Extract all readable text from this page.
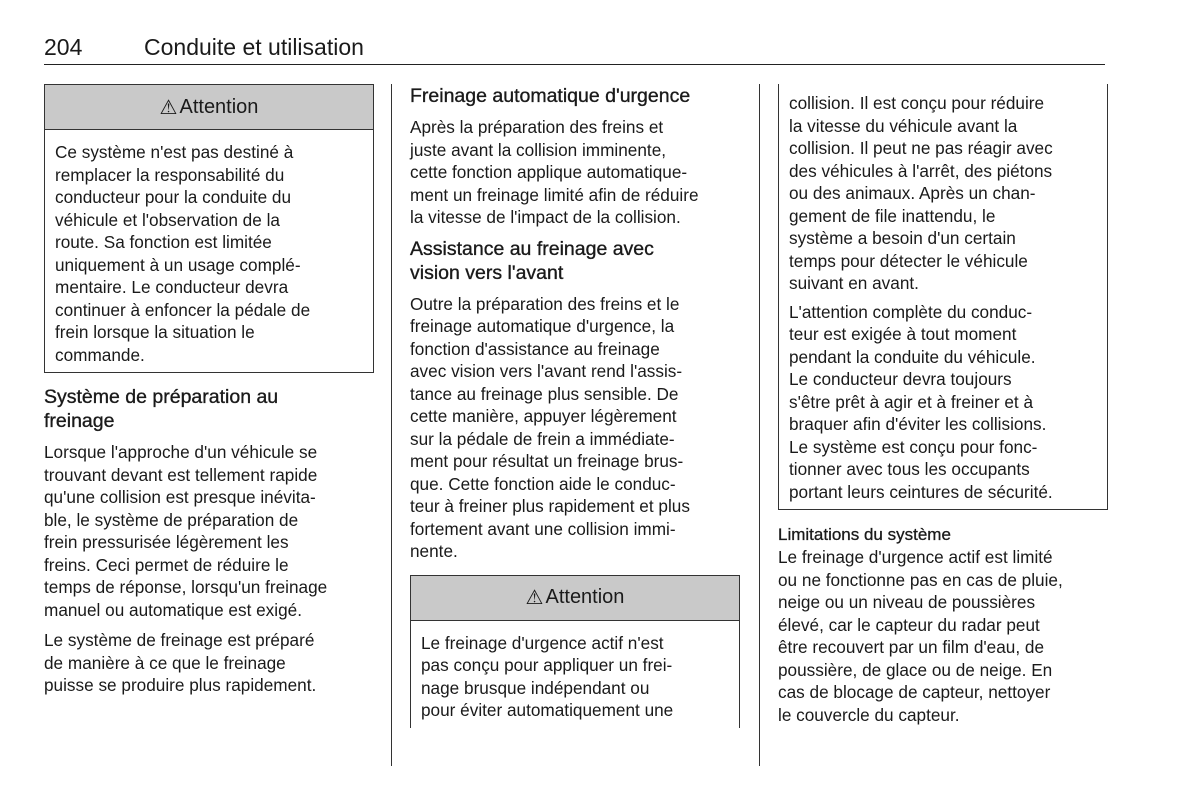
204	Conduite et utilisation
⚠ Attention

Ce système n'est pas destiné à
remplacer la responsabilité du
conducteur pour la conduite du
véhicule et l'observation de la
route. Sa fonction est limitée
uniquement à un usage complé-
mentaire. Le conducteur devra
continuer à enfoncer la pédale de
frein lorsque la situation le
commande.

Système de préparation au
freinage

Lorsque l'approche d'un véhicule se
trouvant devant est tellement rapide
qu'une collision est presque inévita-
ble, le système de préparation de
frein pressurisée légèrement les
freins. Ceci permet de réduire le
temps de réponse, lorsqu'un freinage
manuel ou automatique est exigé.

Le système de freinage est préparé
de manière à ce que le freinage
puisse se produire plus rapidement.

Freinage automatique d'urgence

Après la préparation des freins et
juste avant la collision imminente,
cette fonction applique automatique-
ment un freinage limité afin de réduire
la vitesse de l'impact de la collision.

Assistance au freinage avec
vision vers l'avant

Outre la préparation des freins et le
freinage automatique d'urgence, la
fonction d'assistance au freinage
avec vision vers l'avant rend l'assis-
tance au freinage plus sensible. De
cette manière, appuyer légèrement
sur la pédale de frein a immédiate-
ment pour résultat un freinage brus-
que. Cette fonction aide le conduc-
teur à freiner plus rapidement et plus
fortement avant une collision immi-
nente.

⚠ Attention

Le freinage d'urgence actif n'est
pas conçu pour appliquer un frei-
nage brusque indépendant ou
pour éviter automatiquement une

collision. Il est conçu pour réduire
la vitesse du véhicule avant la
collision. Il peut ne pas réagir avec
des véhicules à l'arrêt, des piétons
ou des animaux. Après un chan-
gement de file inattendu, le
système a besoin d'un certain
temps pour détecter le véhicule
suivant en avant.

L'attention complète du conduc-
teur est exigée à tout moment
pendant la conduite du véhicule.
Le conducteur devra toujours
s'être prêt à agir et à freiner et à
braquer afin d'éviter les collisions.
Le système est conçu pour fonc-
tionner avec tous les occupants
portant leurs ceintures de sécurité.

Limitations du système

Le freinage d'urgence actif est limité
ou ne fonctionne pas en cas de pluie,
neige ou un niveau de poussières
élevé, car le capteur du radar peut
être recouvert par un film d'eau, de
poussière, de glace ou de neige. En
cas de blocage de capteur, nettoyer
le couvercle du capteur.
